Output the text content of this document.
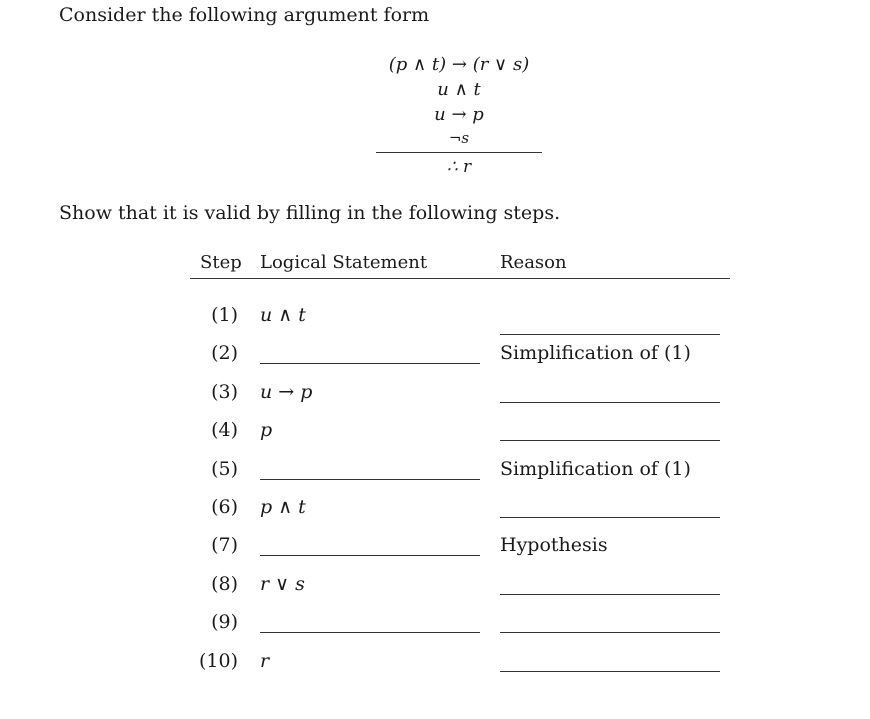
Consider the following argument form
(p ∧ t) → (r ∨ s)
u ∧ t
u → p
¬s
∴ r
Show that it is valid by filling in the following steps.
Step Logical Statement	Reason
(1) u ∧ t
(2)	Simplification of (1)
(3) u → p
(4) p
(5)	Simplification of (1)
(6) p ∧ t
(7)	Hypothesis
(8) r ∨ s
(9)
(10) r
